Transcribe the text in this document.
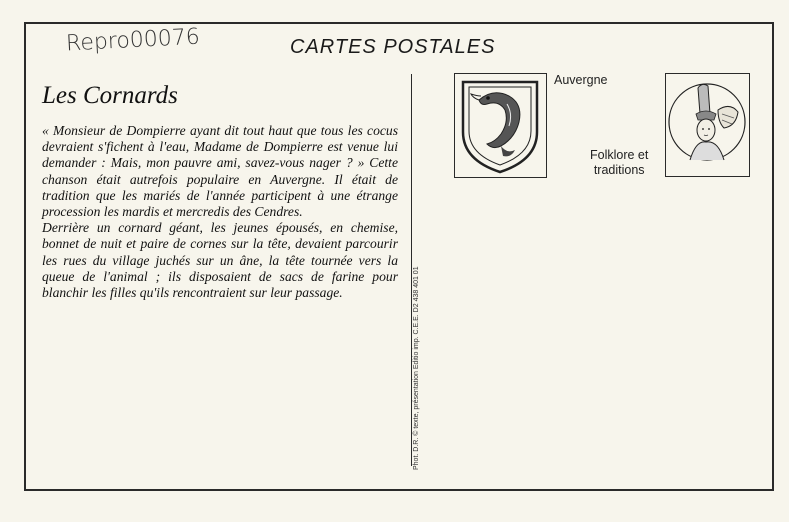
Repro00076	CARTES POSTALES
Les Cornards

« Monsieur de Dompierre ayant dit tout haut que tous les cocus devraient s'fichent à l'eau, Madame de Dompierre est venue lui demander : Mais, mon pauvre ami, savez-vous nager ? » Cette chanson était autrefois populaire en Auvergne. Il était de tradition que les mariés de l'année participent à une étrange procession les mardis et mercredis des Cendres.

Derrière un cornard géant, les jeunes épousés, en chemise, bonnet de nuit et paire de cornes sur la tête, devaient parcourir les rues du village juchés sur un âne, la tête tournée vers la queue de l'animal ; ils disposaient de sacs de farine pour blanchir les filles qu'ils rencontraient sur leur passage.	Phot. D.R. © texte, présentation Editio imp. C.E.E. D2 438 401 01
Auvergne
Folklore et
traditions
